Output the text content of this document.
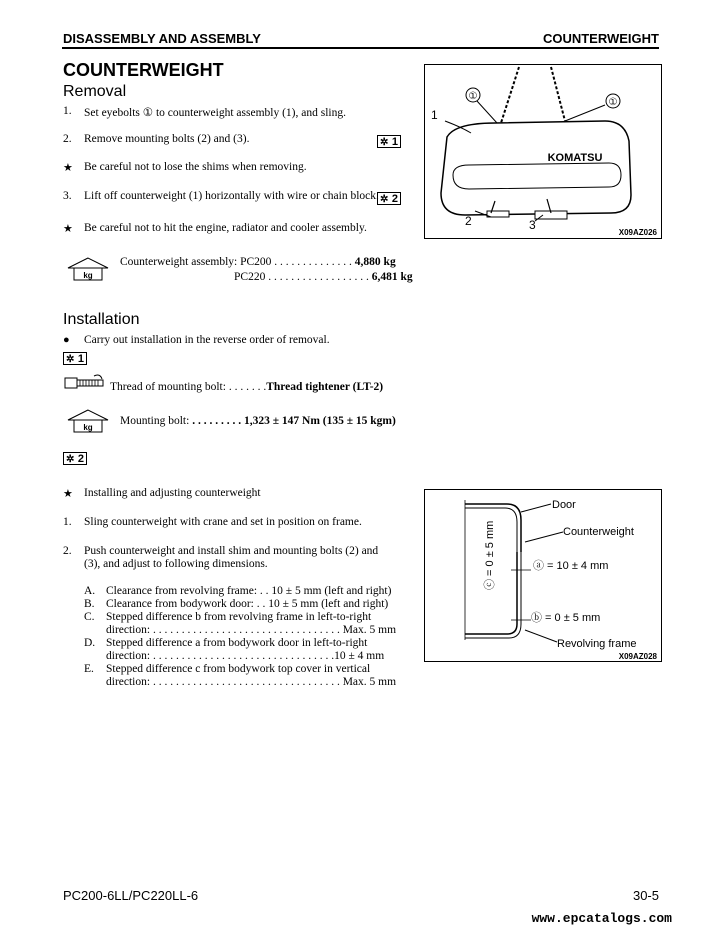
DISASSEMBLY AND ASSEMBLY	COUNTERWEIGHT
COUNTERWEIGHT
Removal
1. Set eyebolts ① to counterweight assembly (1), and sling.
2. Remove mounting bolts (2) and (3).	✲ 1
★ Be careful not to lose the shims when removing.
3. Lift off counterweight (1) horizontally with wire or chain block. ✲ 2
★ Be careful not to hit the engine, radiator and cooler assembly.
kg
Counterweight assembly: PC200 . . . . . . . . . . . . . . 4,880 kg
PC220 . . . . . . . . . . . . . . . . . . 6,481 kg
Installation
● Carry out installation in the reverse order of removal.
✲ 1
Thread of mounting bolt: . . . . . . .Thread tightener (LT-2)
kg
Mounting bolt: . . . . . . . . . 1,323 ± 147 Nm (135 ± 15 kgm)
✲ 2
★ Installing and adjusting counterweight
1. Sling counterweight with crane and set in position on frame.
2. Push counterweight and install shim and mounting bolts (2) and
(3), and adjust to following dimensions.
A. Clearance from revolving frame: . . 10 ± 5 mm (left and right)
B. Clearance from bodywork door: . . 10 ± 5 mm (left and right)
C. Stepped difference b from revolving frame in left-to-right
direction: . . . . . . . . . . . . . . . . . . . . . . . . . . . . . . . . . Max. 5 mm
D. Stepped difference a from bodywork door in left-to-right
direction: . . . . . . . . . . . . . . . . . . . . . . . . . . . . . . . .10 ± 4 mm
E. Stepped difference c from bodywork top cover in vertical
direction: . . . . . . . . . . . . . . . . . . . . . . . . . . . . . . . . . Max. 5 mm
KOMATSU
①
①
1
2	3
X09AZ026
Door
Counterweight
ⓐ = 10 ± 4 mm
ⓑ = 0 ± 5 mm
Revolving frame
ⓒ = 0 ± 5 mm
X09AZ028
PC200-6LL/PC220LL-6	30-5
www.epcatalogs.com
